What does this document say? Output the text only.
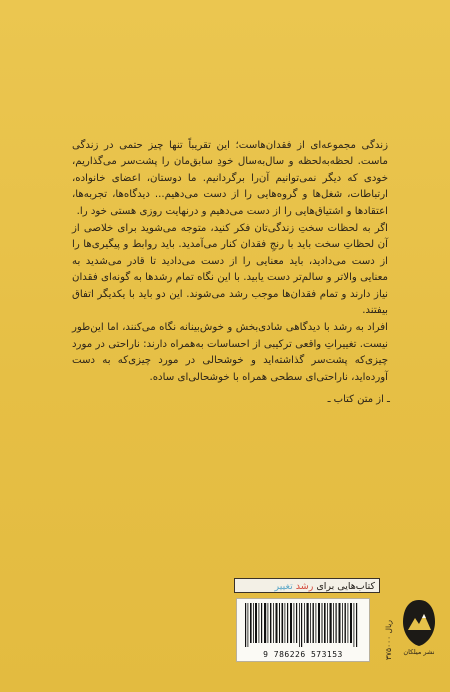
زندگی مجموعه‌ای از فقدان‌هاست؛ این تقریباً تنها چیز حتمی در زندگی ماست. لحظه‌به‌لحظه و سال‌به‌سال خودِ سابق‌مان را پشت‌سر می‌گذاریم، خودی که دیگر نمی‌توانیم آن‌را برگردانیم. ما دوستان، اعضای خانواده، ارتباطات، شغل‌ها و گروه‌هایی را از دست می‌دهیم... دیدگاه‌ها، تجربه‌ها، اعتقادها و اشتیاق‌هایی را از دست می‌دهیم و درنهایت روزی هستی خود را.

اگر به لحظات سختِ زندگی‌تان فکر کنید، متوجه می‌شوید برای خلاصی از آن لحظاتِ سخت باید با رنجِ فقدان کنار می‌آمدید. باید روابط و پیگیری‌ها را از دست می‌دادید، باید معنایی را از دست می‌دادید تا قادر می‌شدید به معنایی والاتر و سالم‌تر دست یابید. با این نگاه تمام رشدها به گونه‌ای فقدان نیاز دارند و تمام فقدان‌ها موجب رشد می‌شوند. این دو باید با یکدیگر اتفاق بیفتند.

افراد به رشد با دیدگاهی شادی‌بخش و خوش‌بینانه نگاه می‌کنند، اما این‌طور نیست. تغییراتِ واقعی ترکیبی از احساسات به‌همراه دارند: ناراحتی در مورد چیزی‌که پشت‌سر گذاشته‌اید و خوشحالی در مورد چیزی‌که به دست آورده‌اید، ناراحتی‌ای سطحی همراه با خوشحالی‌ای ساده.

ـ از متن کتاب ـ
کتاب‌هایی برای رشد تغییر
9 786226 573153	۳۷۵۰۰۰ ریال
نشر میلکان
